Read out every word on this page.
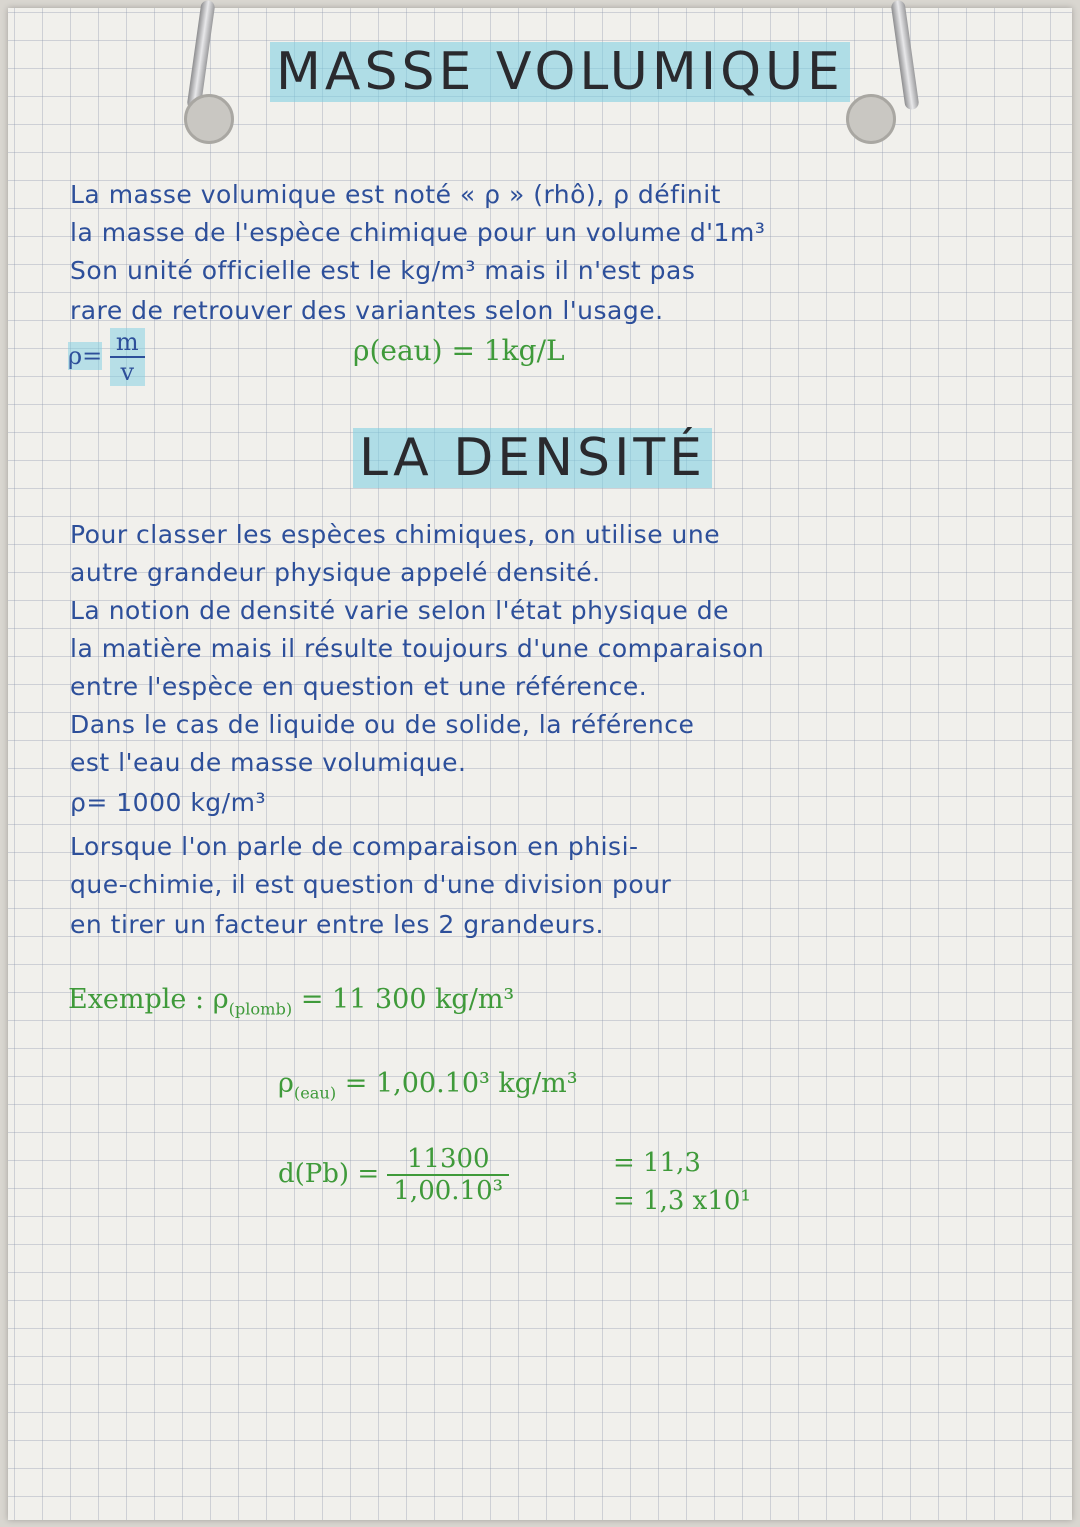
MASSE VOLUMIQUE
La masse volumique est noté « ρ » (rhô), ρ définit
la masse de l'espèce chimique pour un volume d'1m³
Son unité officielle est le kg/m³ mais il n'est pas
rare de retrouver des variantes selon l'usage.
$\rho= \frac{m}{v}$	ρ(eau) = 1kg/L
LA DENSITÉ
Pour classer les espèces chimiques, on utilise une
autre grandeur physique appelé densité.
La notion de densité varie selon l'état physique de
la matière mais il résulte toujours d'une comparaison
entre l'espèce en question et une référence.
Dans le cas de liquide ou de solide, la référence
est l'eau de masse volumique.
ρ= 1000 kg/m³
Lorsque l'on parle de comparaison en phisi-
que-chimie, il est question d'une division pour
en tirer un facteur entre les 2 grandeurs.
Exemple : $\rho_{(plomb)} = 11$ 300 kg/m³
$\rho_{(eau)} = 1,00.10^3$ kg/m³
$d(Pb) = \frac{11300}{\text{1,00.10³}}$	= 11,3
= 1,3 x10¹
